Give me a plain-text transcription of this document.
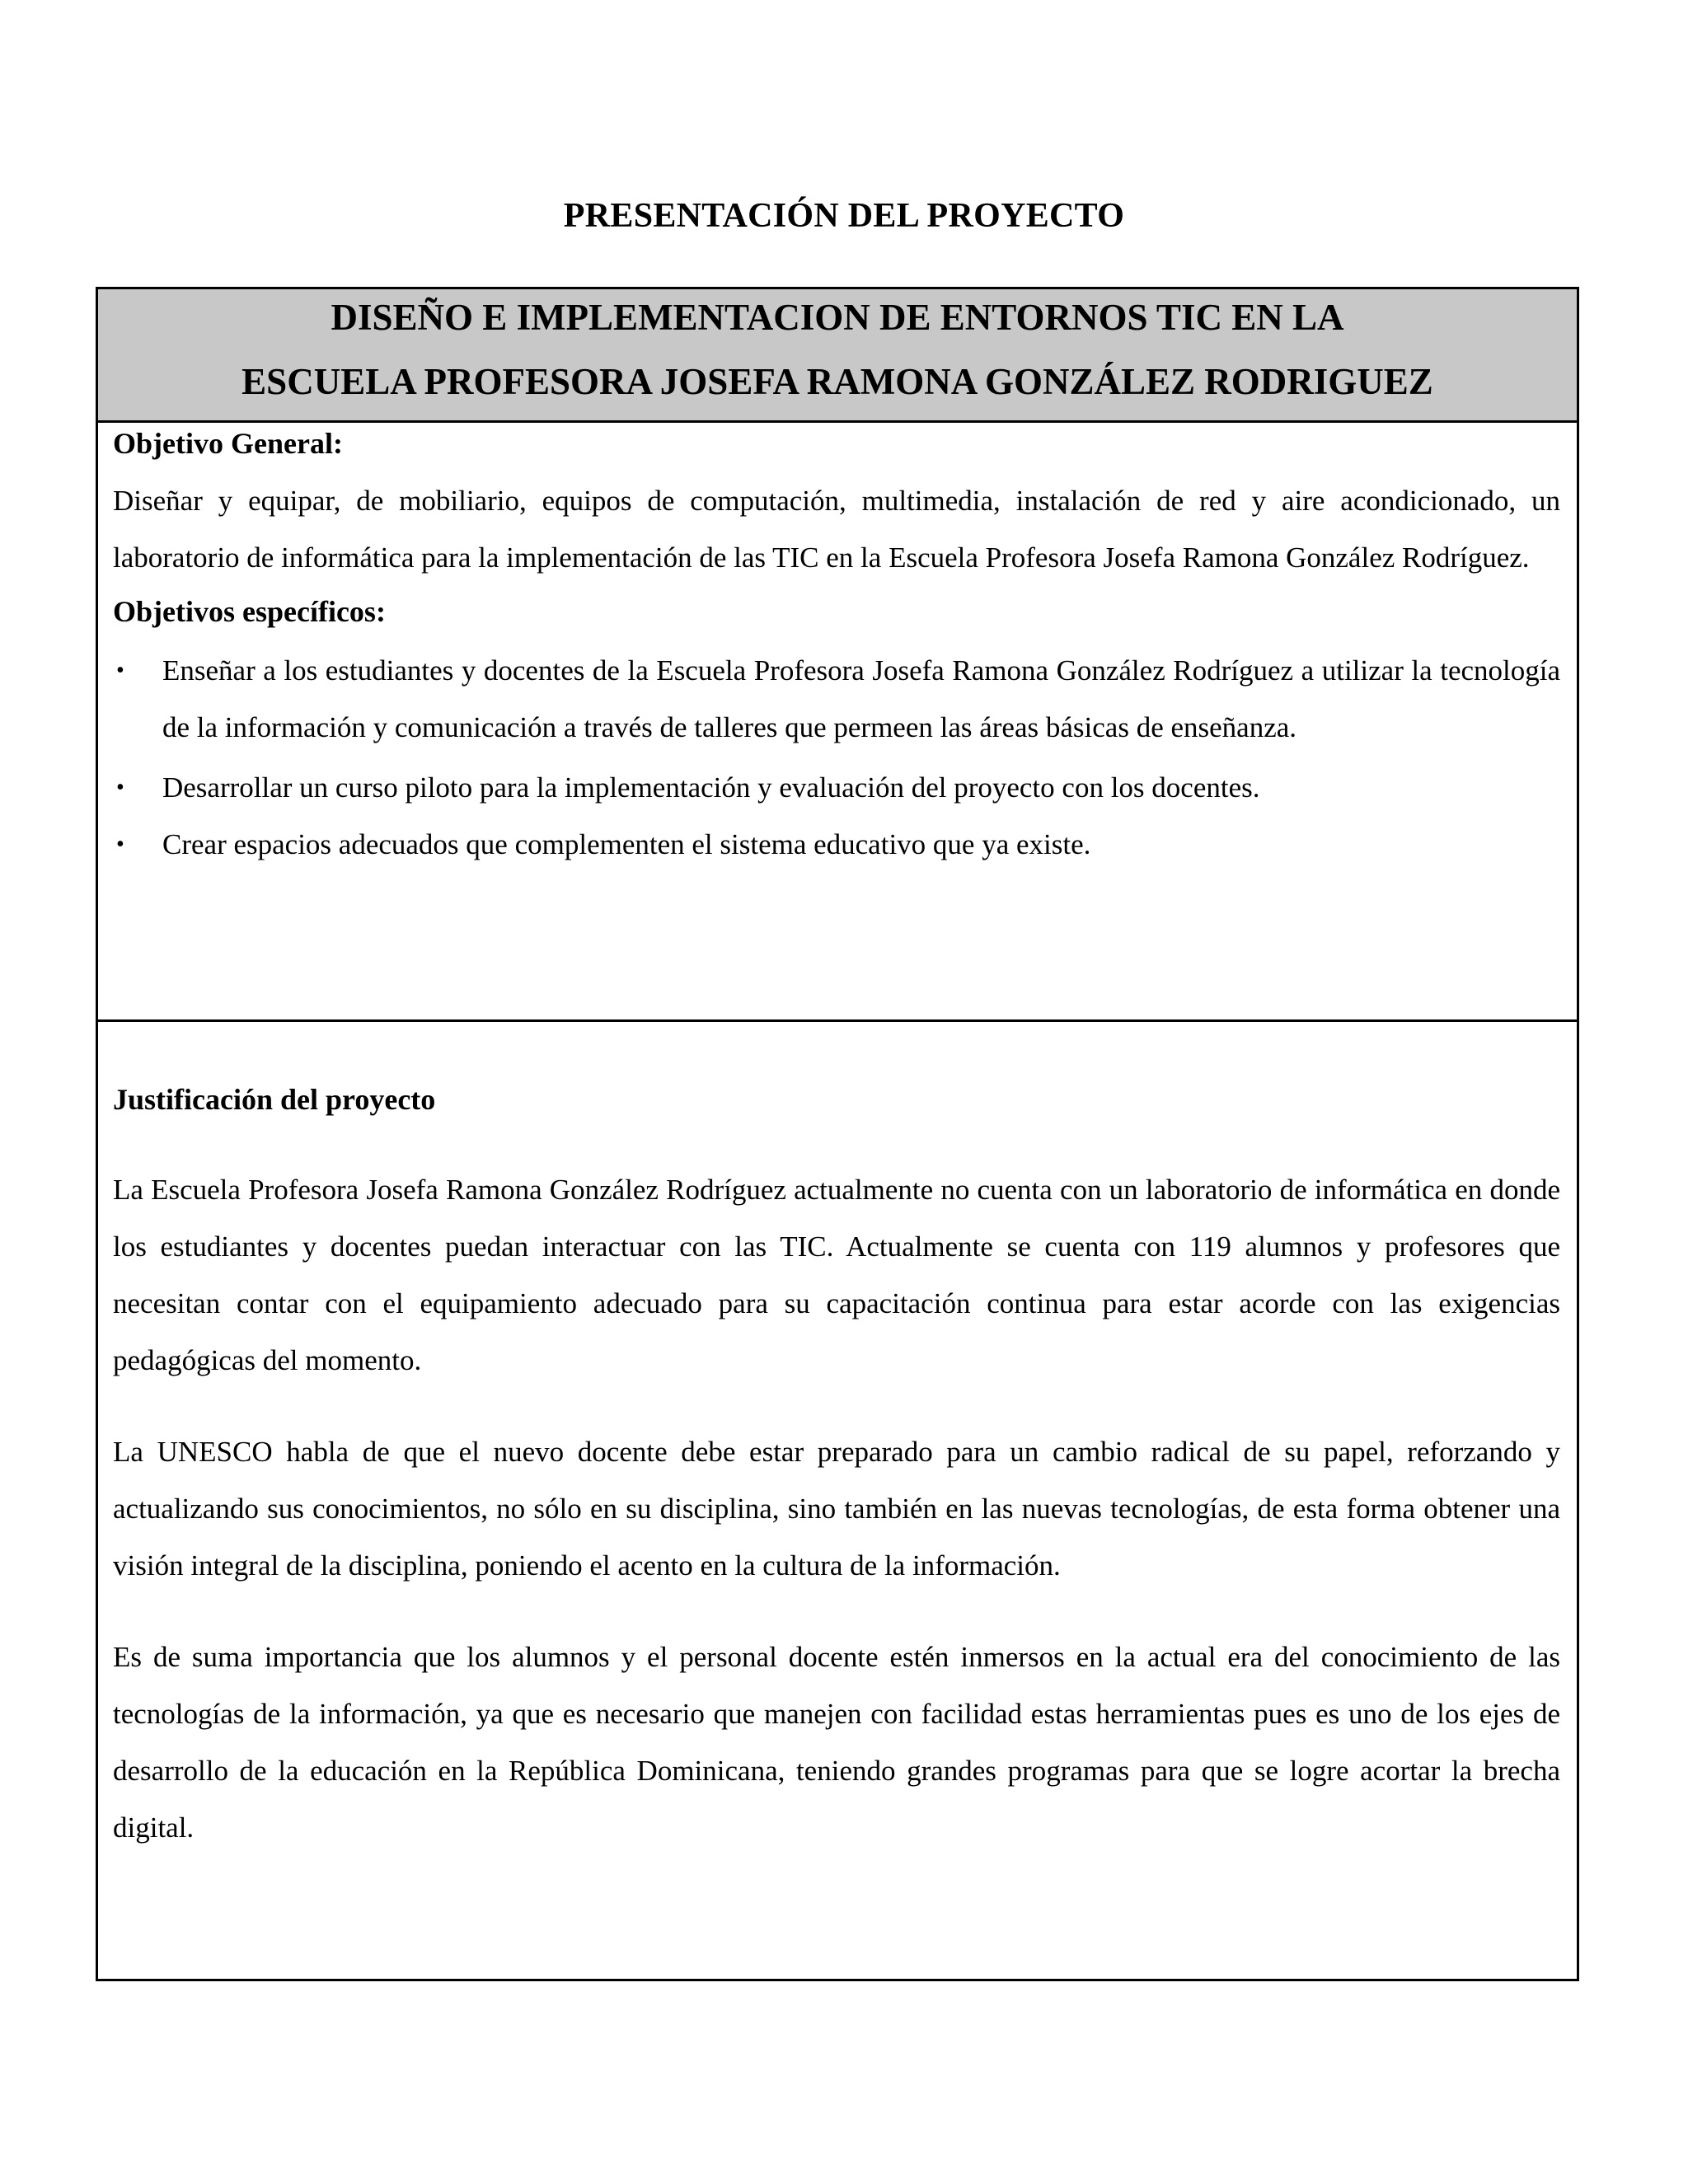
PRESENTACIÓN DEL PROYECTO
DISEÑO E IMPLEMENTACION DE ENTORNOS TIC EN LA
ESCUELA PROFESORA JOSEFA RAMONA GONZÁLEZ RODRIGUEZ

Objetivo General:

Diseñar y equipar, de mobiliario, equipos de computación, multimedia, instalación de red y aire acondicionado, un laboratorio de informática para la implementación de las TIC en la Escuela Profesora Josefa Ramona González Rodríguez.

Objetivos específicos:

• Enseñar a los estudiantes y docentes de la Escuela Profesora Josefa Ramona González Rodríguez a utilizar la tecnología de la información y comunicación a través de talleres que permeen las áreas básicas de enseñanza.
• Desarrollar un curso piloto para la implementación y evaluación del proyecto con los docentes.
• Crear espacios adecuados que complementen el sistema educativo que ya existe.

Justificación del proyecto

La Escuela Profesora Josefa Ramona González Rodríguez actualmente no cuenta con un laboratorio de informática en donde los estudiantes y docentes puedan interactuar con las TIC. Actualmente se cuenta con 119 alumnos y profesores que necesitan contar con el equipamiento adecuado para su capacitación continua para estar acorde con las exigencias pedagógicas del momento.

La UNESCO habla de que el nuevo docente debe estar preparado para un cambio radical de su papel, reforzando y actualizando sus conocimientos, no sólo en su disciplina, sino también en las nuevas tecnologías, de esta forma obtener una visión integral de la disciplina, poniendo el acento en la cultura de la información.

Es de suma importancia que los alumnos y el personal docente estén inmersos en la actual era del conocimiento de las tecnologías de la información, ya que es necesario que manejen con facilidad estas herramientas pues es uno de los ejes de desarrollo de la educación en la República Dominicana, teniendo grandes programas para que se logre acortar la brecha digital.
